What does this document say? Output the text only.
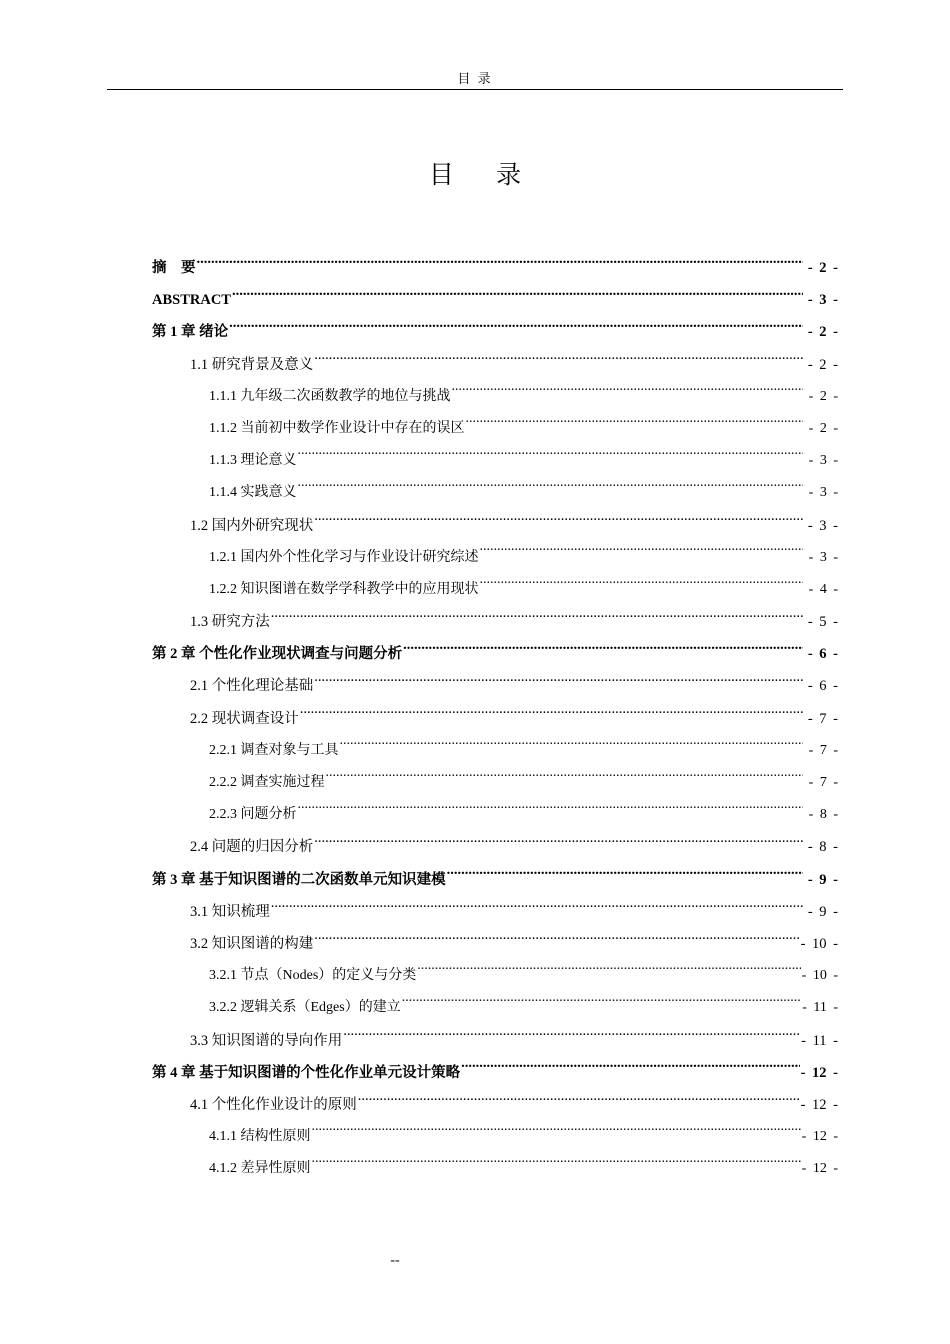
目 录
目 录
摘　要 .....	- 2 -
ABSTRACT .....	- 3 -
第 1 章 绪论 .....	- 2 -
1.1 研究背景及意义 .....	- 2 -
1.1.1 九年级二次函数教学的地位与挑战 .....	- 2 -
1.1.2 当前初中数学作业设计中存在的误区 .....	- 2 -
1.1.3 理论意义 .....	- 3 -
1.1.4 实践意义 .....	- 3 -
1.2 国内外研究现状 .....	- 3 -
1.2.1 国内外个性化学习与作业设计研究综述 .....	- 3 -
1.2.2 知识图谱在数学学科教学中的应用现状 .....	- 4 -
1.3 研究方法 .....	- 5 -
第 2 章 个性化作业现状调查与问题分析 .....	- 6 -
2.1 个性化理论基础 .....	- 6 -
2.2 现状调查设计 .....	- 7 -
2.2.1 调查对象与工具 .....	- 7 -
2.2.2 调查实施过程 .....	- 7 -
2.2.3 问题分析 .....	- 8 -
2.4 问题的归因分析 .....	- 8 -
第 3 章 基于知识图谱的二次函数单元知识建模 .....	- 9 -
3.1 知识梳理 .....	- 9 -
3.2 知识图谱的构建 .....	- 10 -
3.2.1 节点（Nodes）的定义与分类 .....	- 10 -
3.2.2 逻辑关系（Edges）的建立 .....	- 11 -
3.3 知识图谱的导向作用 .....	- 11 -
第 4 章 基于知识图谱的个性化作业单元设计策略 .....	- 12 -
4.1 个性化作业设计的原则 .....	- 12 -
4.1.1 结构性原则 .....	- 12 -
4.1.2 差异性原则 .....	- 12 -
--
